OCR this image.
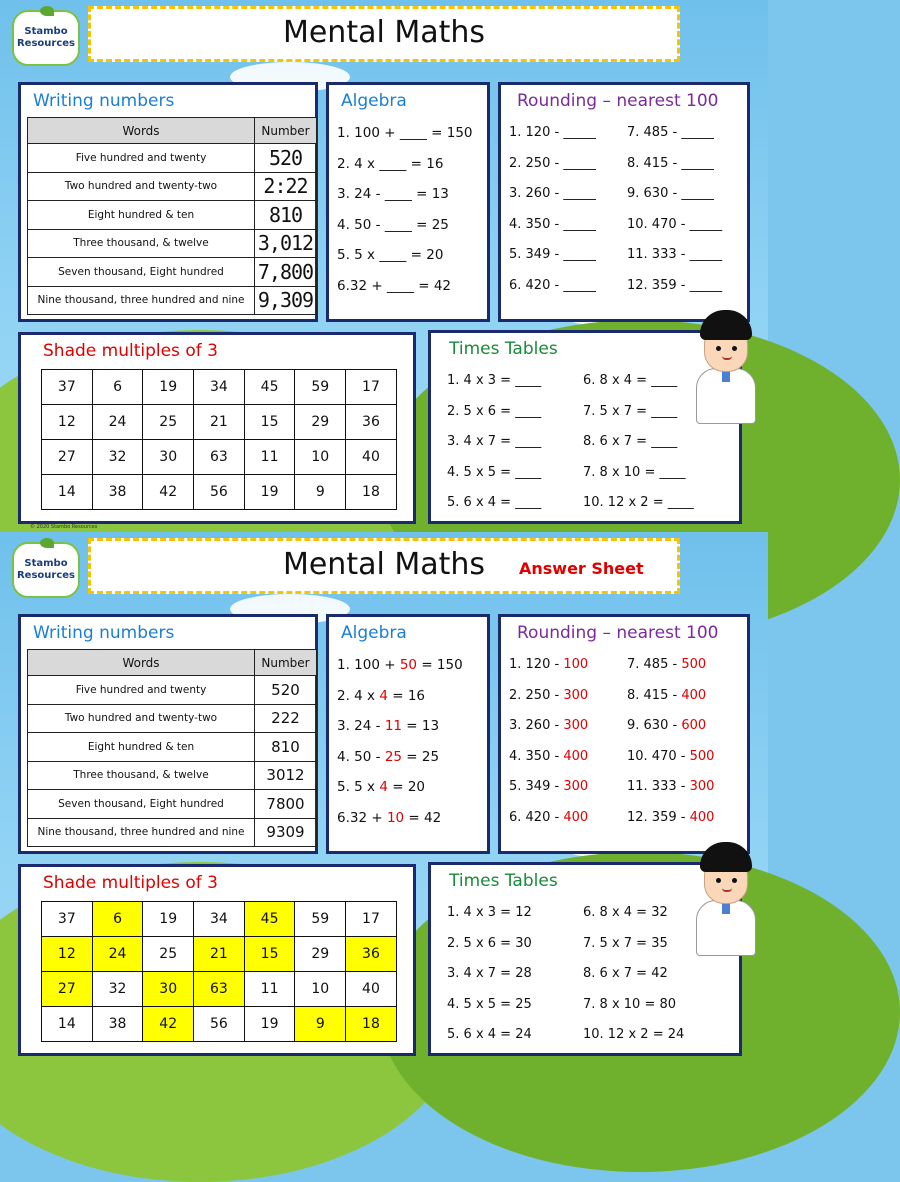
Stambo Resources	Mental Maths
Writing numbers
Words	Number
Five hundred and twenty	520
Two hundred and twenty-two	2:22
Eight hundred & ten	810
Three thousand, & twelve	3,012
Seven thousand, Eight hundred	7,800
Nine thousand, three hundred and nine	9,309
Algebra
1. 100 + ____ = 150
2. 4 x ____ = 16
3. 24 - ____ = 13
4. 50 - ____ = 25
5. 5 x ____ = 20
6.32 + ____ = 42
Rounding – nearest 100
1. 120 - _____
2. 250 - _____
3. 260 - _____
4. 350 - _____
5. 349 - _____
6. 420 - _____
7. 485 - _____
8. 415 - _____
9. 630 - _____
10. 470 - _____
11. 333 - _____
12. 359 - _____
Shade multiples of 3
37	6	19	34	45	59	17
12	24	25	21	15	29	36
27	32	30	63	11	10	40
14	38	42	56	19	9	18
Times Tables
1. 4 x 3 = ____
2. 5 x 6 = ____
3. 4 x 7 = ____
4. 5 x 5 = ____
5. 6 x 4 = ____
6. 8 x 4 = ____
7. 5 x 7 = ____
8. 6 x 7 = ____
7. 8 x 10 = ____
10. 12 x 2 = ____
© 2020 Stambo Resources
Stambo Resources	Mental Maths	Answer Sheet
Writing numbers
Words	Number
Five hundred and twenty	520
Two hundred and twenty-two	222
Eight hundred & ten	810
Three thousand, & twelve	3012
Seven thousand, Eight hundred	7800
Nine thousand, three hundred and nine	9309
Algebra
1. 100 + 50 = 150
2. 4 x 4 = 16
3. 24 - 11 = 13
4. 50 - 25 = 25
5. 5 x 4 = 20
6.32 + 10 = 42
Rounding – nearest 100
1. 120 - 100
2. 250 - 300
3. 260 - 300
4. 350 - 400
5. 349 - 300
6. 420 - 400
7. 485 - 500
8. 415 - 400
9. 630 - 600
10. 470 - 500
11. 333 - 300
12. 359 - 400
Shade multiples of 3
37	6	19	34	45	59	17
12	24	25	21	15	29	36
27	32	30	63	11	10	40
14	38	42	56	19	9	18
Times Tables
1. 4 x 3 = 12
2. 5 x 6 = 30
3. 4 x 7 = 28
4. 5 x 5 = 25
5. 6 x 4 = 24
6. 8 x 4 = 32
7. 5 x 7 = 35
8. 6 x 7 = 42
7. 8 x 10 = 80
10. 12 x 2 = 24
